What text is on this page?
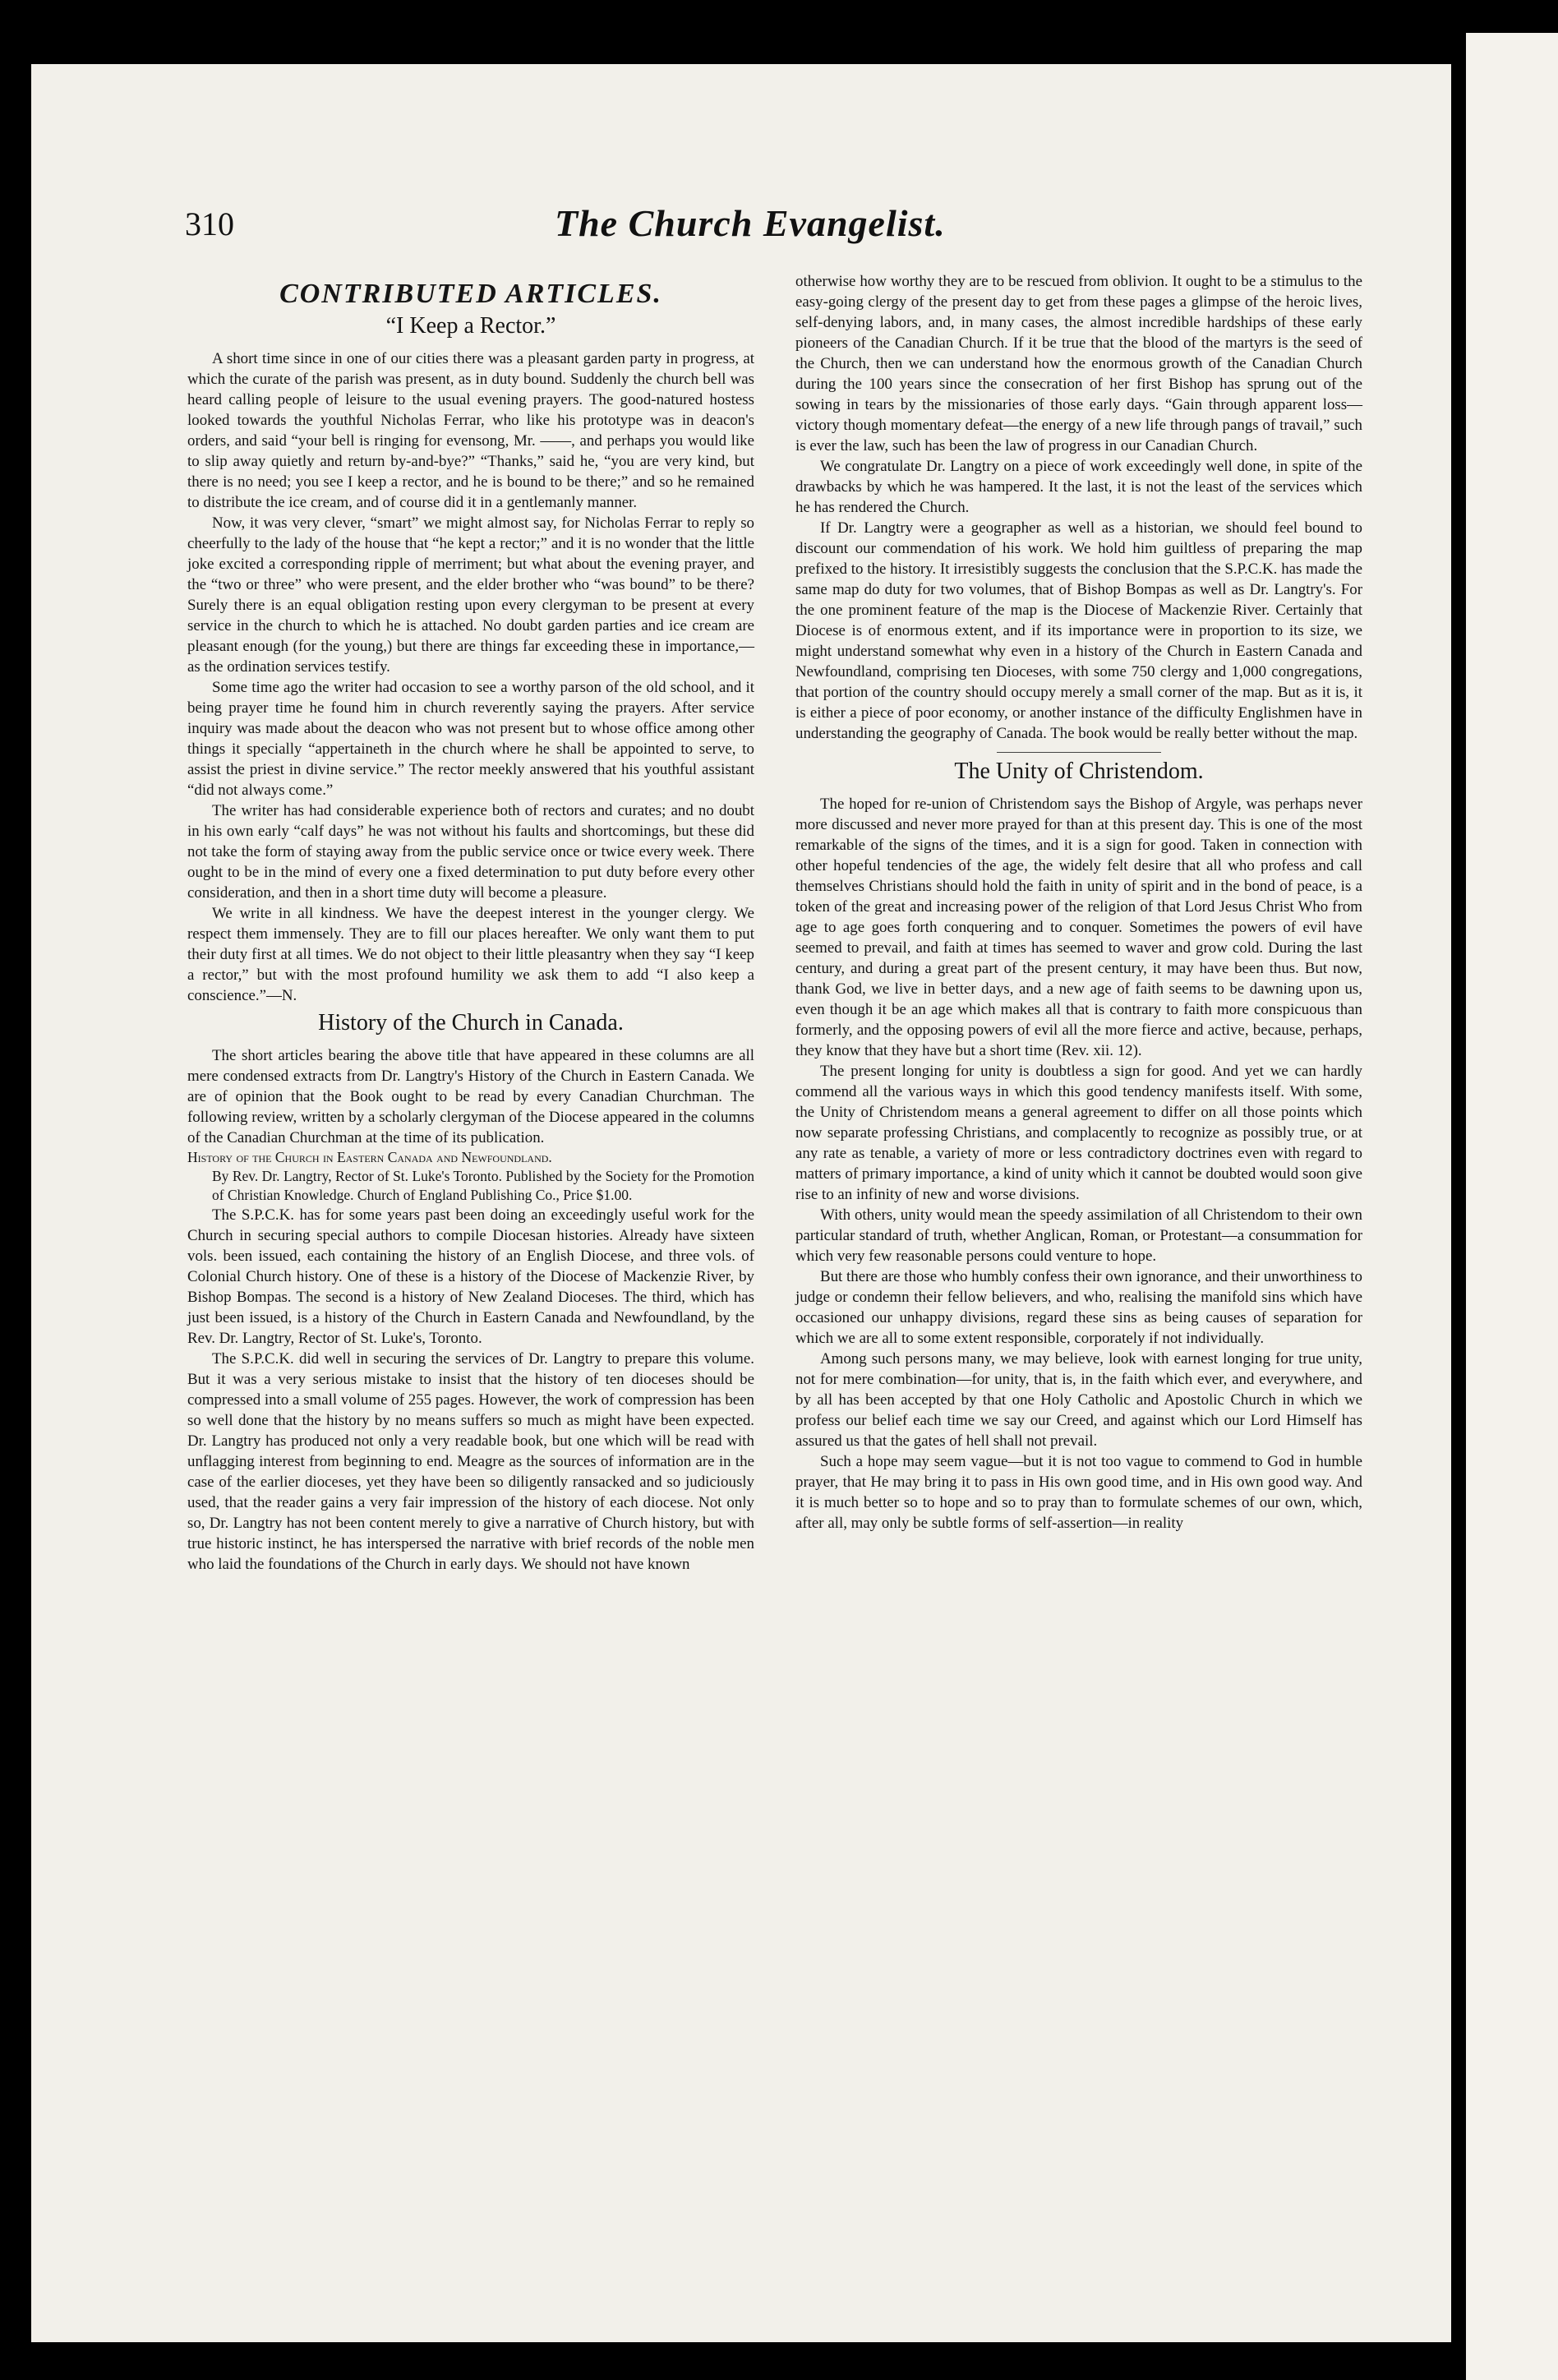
310	The Church Evangelist.
CONTRIBUTED ARTICLES.
“I Keep a Rector.”

A short time since in one of our cities there was a pleasant garden party in progress, at which the curate of the parish was present, as in duty bound. Suddenly the church bell was heard calling people of leisure to the usual evening prayers. The good-natured hostess looked towards the youthful Nicholas Ferrar, who like his prototype was in deacon's orders, and said “your bell is ringing for evensong, Mr. ——, and perhaps you would like to slip away quietly and return by-and-bye?” “Thanks,” said he, “you are very kind, but there is no need; you see I keep a rector, and he is bound to be there;” and so he remained to distribute the ice cream, and of course did it in a gentlemanly manner.

Now, it was very clever, “smart” we might almost say, for Nicholas Ferrar to reply so cheerfully to the lady of the house that “he kept a rector;” and it is no wonder that the little joke excited a corresponding ripple of merriment; but what about the evening prayer, and the “two or three” who were present, and the elder brother who “was bound” to be there? Surely there is an equal obligation resting upon every clergyman to be present at every service in the church to which he is attached. No doubt garden parties and ice cream are pleasant enough (for the young,) but there are things far exceeding these in importance,—as the ordination services testify.

Some time ago the writer had occasion to see a worthy parson of the old school, and it being prayer time he found him in church reverently saying the prayers. After service inquiry was made about the deacon who was not present but to whose office among other things it specially “appertaineth in the church where he shall be appointed to serve, to assist the priest in divine service.” The rector meekly answered that his youthful assistant “did not always come.”

The writer has had considerable experience both of rectors and curates; and no doubt in his own early “calf days” he was not without his faults and shortcomings, but these did not take the form of staying away from the public service once or twice every week. There ought to be in the mind of every one a fixed determination to put duty before every other consideration, and then in a short time duty will become a pleasure.

We write in all kindness. We have the deepest interest in the younger clergy. We respect them immensely. They are to fill our places hereafter. We only want them to put their duty first at all times. We do not object to their little pleasantry when they say “I keep a rector,” but with the most profound humility we ask them to add “I also keep a conscience.”—N.

History of the Church in Canada.

The short articles bearing the above title that have appeared in these columns are all mere condensed extracts from Dr. Langtry's History of the Church in Eastern Canada. We are of opinion that the Book ought to be read by every Canadian Churchman. The following review, written by a scholarly clergyman of the Diocese appeared in the columns of the Canadian Churchman at the time of its publication.

History of the Church in Eastern Canada and Newfoundland.
By Rev. Dr. Langtry, Rector of St. Luke's Toronto. Published by the Society for the Promotion of Christian Knowledge. Church of England Publishing Co., Price $1.00.

The S.P.C.K. has for some years past been doing an exceedingly useful work for the Church in securing special authors to compile Diocesan histories. Already have sixteen vols. been issued, each containing the history of an English Diocese, and three vols. of Colonial Church history. One of these is a history of the Diocese of Mackenzie River, by Bishop Bompas. The second is a history of New Zealand Dioceses. The third, which has just been issued, is a history of the Church in Eastern Canada and Newfoundland, by the Rev. Dr. Langtry, Rector of St. Luke's, Toronto.

The S.P.C.K. did well in securing the services of Dr. Langtry to prepare this volume. But it was a very serious mistake to insist that the history of ten dioceses should be compressed into a small volume of 255 pages. However, the work of compression has been so well done that the history by no means suffers so much as might have been expected. Dr. Langtry has produced not only a very readable book, but one which will be read with unflagging interest from beginning to end. Meagre as the sources of information are in the case of the earlier dioceses, yet they have been so diligently ransacked and so judiciously used, that the reader gains a very fair impression of the history of each diocese. Not only so, Dr. Langtry has not been content merely to give a narrative of Church history, but with true historic instinct, he has interspersed the narrative with brief records of the noble men who laid the foundations of the Church in early days. We should not have known

otherwise how worthy they are to be rescued from oblivion. It ought to be a stimulus to the easy-going clergy of the present day to get from these pages a glimpse of the heroic lives, self-denying labors, and, in many cases, the almost incredible hardships of these early pioneers of the Canadian Church. If it be true that the blood of the martyrs is the seed of the Church, then we can understand how the enormous growth of the Canadian Church during the 100 years since the consecration of her first Bishop has sprung out of the sowing in tears by the missionaries of those early days. “Gain through apparent loss—victory though momentary defeat—the energy of a new life through pangs of travail,” such is ever the law, such has been the law of progress in our Canadian Church.

We congratulate Dr. Langtry on a piece of work exceedingly well done, in spite of the drawbacks by which he was hampered. It the last, it is not the least of the services which he has rendered the Church.

If Dr. Langtry were a geographer as well as a historian, we should feel bound to discount our commendation of his work. We hold him guiltless of preparing the map prefixed to the history. It irresistibly suggests the conclusion that the S.P.C.K. has made the same map do duty for two volumes, that of Bishop Bompas as well as Dr. Langtry's. For the one prominent feature of the map is the Diocese of Mackenzie River. Certainly that Diocese is of enormous extent, and if its importance were in proportion to its size, we might understand somewhat why even in a history of the Church in Eastern Canada and Newfoundland, comprising ten Dioceses, with some 750 clergy and 1,000 congregations, that portion of the country should occupy merely a small corner of the map. But as it is, it is either a piece of poor economy, or another instance of the difficulty Englishmen have in understanding the geography of Canada. The book would be really better without the map.

The Unity of Christendom.

The hoped for re-union of Christendom says the Bishop of Argyle, was perhaps never more discussed and never more prayed for than at this present day. This is one of the most remarkable of the signs of the times, and it is a sign for good. Taken in connection with other hopeful tendencies of the age, the widely felt desire that all who profess and call themselves Christians should hold the faith in unity of spirit and in the bond of peace, is a token of the great and increasing power of the religion of that Lord Jesus Christ Who from age to age goes forth conquering and to conquer. Sometimes the powers of evil have seemed to prevail, and faith at times has seemed to waver and grow cold. During the last century, and during a great part of the present century, it may have been thus. But now, thank God, we live in better days, and a new age of faith seems to be dawning upon us, even though it be an age which makes all that is contrary to faith more conspicuous than formerly, and the opposing powers of evil all the more fierce and active, because, perhaps, they know that they have but a short time (Rev. xii. 12).

The present longing for unity is doubtless a sign for good. And yet we can hardly commend all the various ways in which this good tendency manifests itself. With some, the Unity of Christendom means a general agreement to differ on all those points which now separate professing Christians, and complacently to recognize as possibly true, or at any rate as tenable, a variety of more or less contradictory doctrines even with regard to matters of primary importance, a kind of unity which it cannot be doubted would soon give rise to an infinity of new and worse divisions.

With others, unity would mean the speedy assimilation of all Christendom to their own particular standard of truth, whether Anglican, Roman, or Protestant—a consummation for which very few reasonable persons could venture to hope.

But there are those who humbly confess their own ignorance, and their unworthiness to judge or condemn their fellow believers, and who, realising the manifold sins which have occasioned our unhappy divisions, regard these sins as being causes of separation for which we are all to some extent responsible, corporately if not individually.

Among such persons many, we may believe, look with earnest longing for true unity, not for mere combination—for unity, that is, in the faith which ever, and everywhere, and by all has been accepted by that one Holy Catholic and Apostolic Church in which we profess our belief each time we say our Creed, and against which our Lord Himself has assured us that the gates of hell shall not prevail.

Such a hope may seem vague—but it is not too vague to commend to God in humble prayer, that He may bring it to pass in His own good time, and in His own good way. And it is much better so to hope and so to pray than to formulate schemes of our own, which, after all, may only be subtle forms of self-assertion—in reality
